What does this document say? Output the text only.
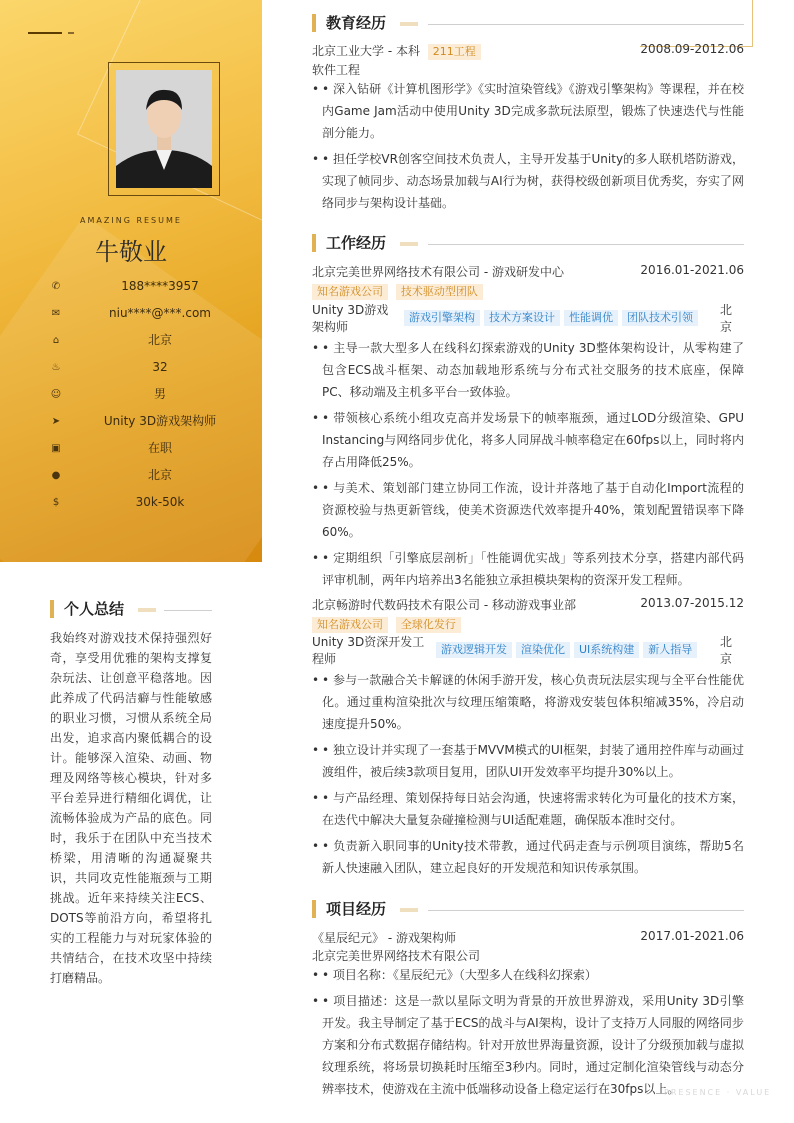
AMAZING RESUME
牛敬业
✆	188****3957
✉	niu****@***.com
⌂	北京
♨	32
☺	男
➤	Unity 3D游戏架构师
▣	在职
●	北京
$	30k-50k
个人总结
我始终对游戏技术保持强烈好奇，享受用优雅的架构支撑复杂玩法、让创意平稳落地。因此养成了代码洁癖与性能敏感的职业习惯，习惯从系统全局出发，追求高内聚低耦合的设计。能够深入渲染、动画、物理及网络等核心模块，针对多平台差异进行精细化调优，让流畅体验成为产品的底色。同时，我乐于在团队中充当技术桥梁，用清晰的沟通凝聚共识，共同攻克性能瓶颈与工期挑战。近年来持续关注ECS、DOTS等前沿方向，希望将扎实的工程能力与对玩家体验的共情结合，在技术攻坚中持续打磨精品。
教育经历
北京工业大学 - 本科 211工程	2008.09-2012.06
软件工程
• • 深入钻研《计算机图形学》《实时渲染管线》《游戏引擎架构》等课程，并在校内Game Jam活动中使用Unity 3D完成多款玩法原型，锻炼了快速迭代与性能剖分能力。
• • 担任学校VR创客空间技术负责人，主导开发基于Unity的多人联机塔防游戏，实现了帧同步、动态场景加载与AI行为树，获得校级创新项目优秀奖，夯实了网络同步与架构设计基础。
工作经历
北京完美世界网络技术有限公司 - 游戏研发中心	2016.01-2021.06
知名游戏公司 技术驱动型团队
Unity 3D游戏架构师
游戏引擎架构 技术方案设计 性能调优 团队技术引领
北京
• • 主导一款大型多人在线科幻探索游戏的Unity 3D整体架构设计，从零构建了包含ECS战斗框架、动态加载地形系统与分布式社交服务的技术底座，保障PC、移动端及主机多平台一致体验。
• • 带领核心系统小组攻克高并发场景下的帧率瓶颈，通过LOD分级渲染、GPU Instancing与网络同步优化，将多人同屏战斗帧率稳定在60fps以上，同时将内存占用降低25%。
• • 与美术、策划部门建立协同工作流，设计并落地了基于自动化Import流程的资源校验与热更新管线，使美术资源迭代效率提升40%，策划配置错误率下降60%。
• • 定期组织「引擎底层剖析」「性能调优实战」等系列技术分享，搭建内部代码评审机制，两年内培养出3名能独立承担模块架构的资深开发工程师。
北京畅游时代数码技术有限公司 - 移动游戏事业部	2013.07-2015.12
知名游戏公司 全球化发行
Unity 3D资深开发工程师
游戏逻辑开发 渲染优化 UI系统构建 新人指导
北京
• • 参与一款融合关卡解谜的休闲手游开发，核心负责玩法层实现与全平台性能优化。通过重构渲染批次与纹理压缩策略，将游戏安装包体积缩减35%，冷启动速度提升50%。
• • 独立设计并实现了一套基于MVVM模式的UI框架，封装了通用控件库与动画过渡组件，被后续3款项目复用，团队UI开发效率平均提升30%以上。
• • 与产品经理、策划保持每日站会沟通，快速将需求转化为可量化的技术方案，在迭代中解决大量复杂碰撞检测与UI适配难题，确保版本准时交付。
• • 负责新入职同事的Unity技术带教，通过代码走查与示例项目演练，帮助5名新人快速融入团队，建立起良好的开发规范和知识传承氛围。
项目经历
《星辰纪元》 - 游戏架构师	2017.01-2021.06
北京完美世界网络技术有限公司
• • 项目名称：《星辰纪元》（大型多人在线科幻探索）
• • 项目描述：这是一款以星际文明为背景的开放世界游戏，采用Unity 3D引擎开发。我主导制定了基于ECS的战斗与AI架构，设计了支持万人同服的网络同步方案和分布式数据存储结构。针对开放世界海量资源，设计了分级预加载与虚拟纹理系统，将场景切换耗时压缩至3秒内。同时，通过定制化渲染管线与动态分辨率技术，使游戏在主流中低端移动设备上稳定运行在30fps以上。
PRESENCE · VALUE
